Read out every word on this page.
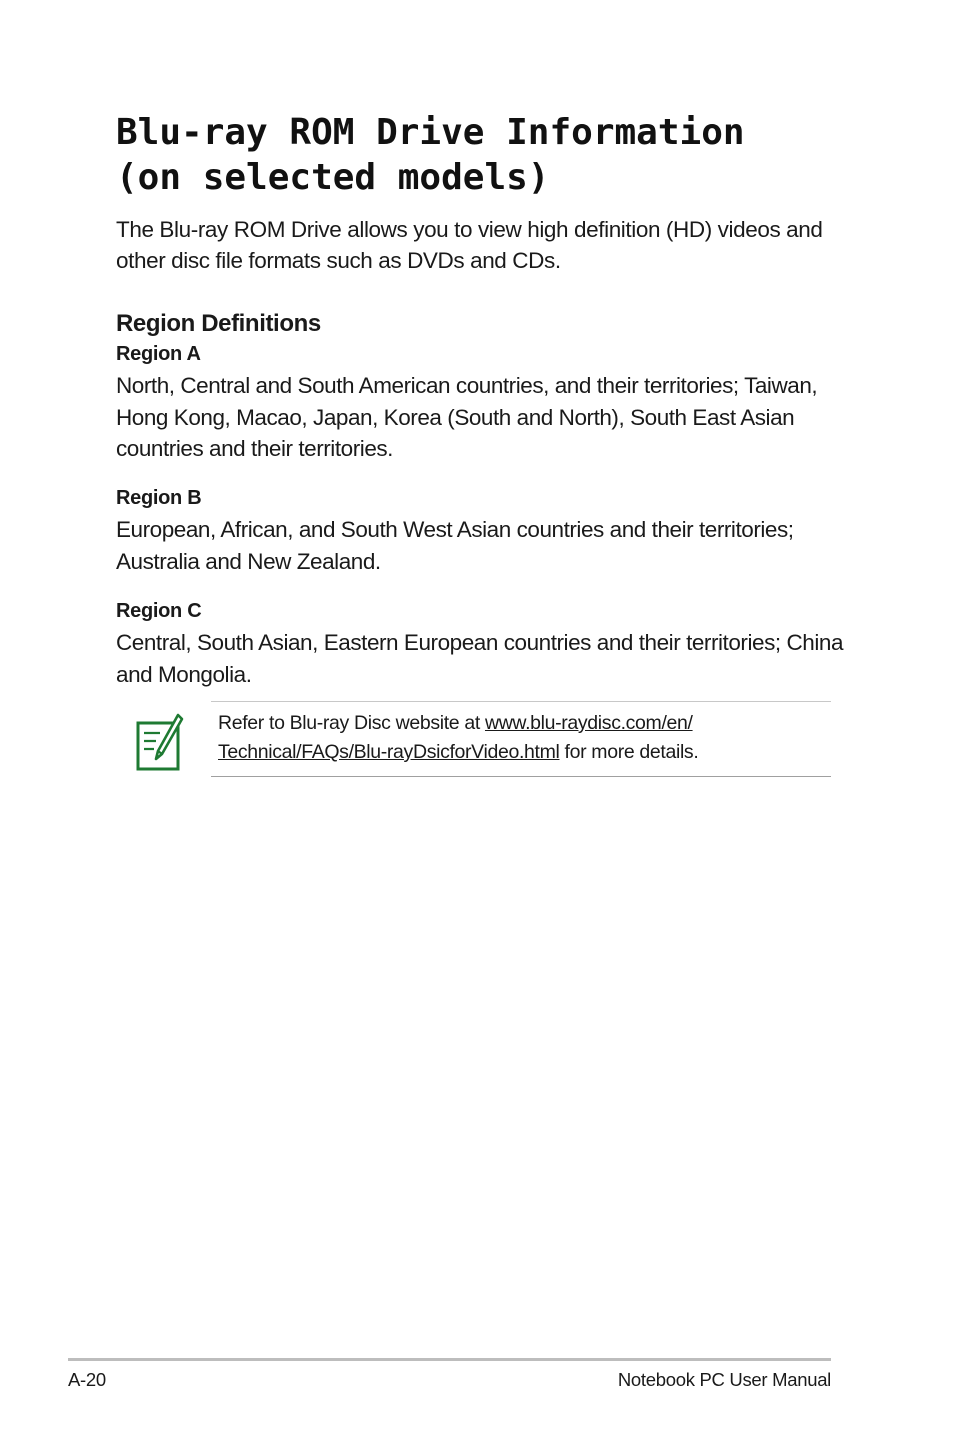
Blu-ray ROM Drive Information
(on selected models)

The Blu-ray ROM Drive allows you to view high definition (HD) videos and other disc file formats such as DVDs and CDs.

Region Definitions

Region A

North, Central and South American countries, and their territories; Taiwan, Hong Kong, Macao, Japan, Korea (South and North), South East Asian countries and their territories.

Region B

European, African, and South West Asian countries and their territories; Australia and New Zealand.

Region C

Central, South Asian, Eastern European countries and their territories; China and Mongolia.

Refer to Blu-ray Disc website at www.blu-raydisc.com/en/
Technical/FAQs/Blu-rayDsicforVideo.html for more details.

A-20	Notebook PC User Manual
